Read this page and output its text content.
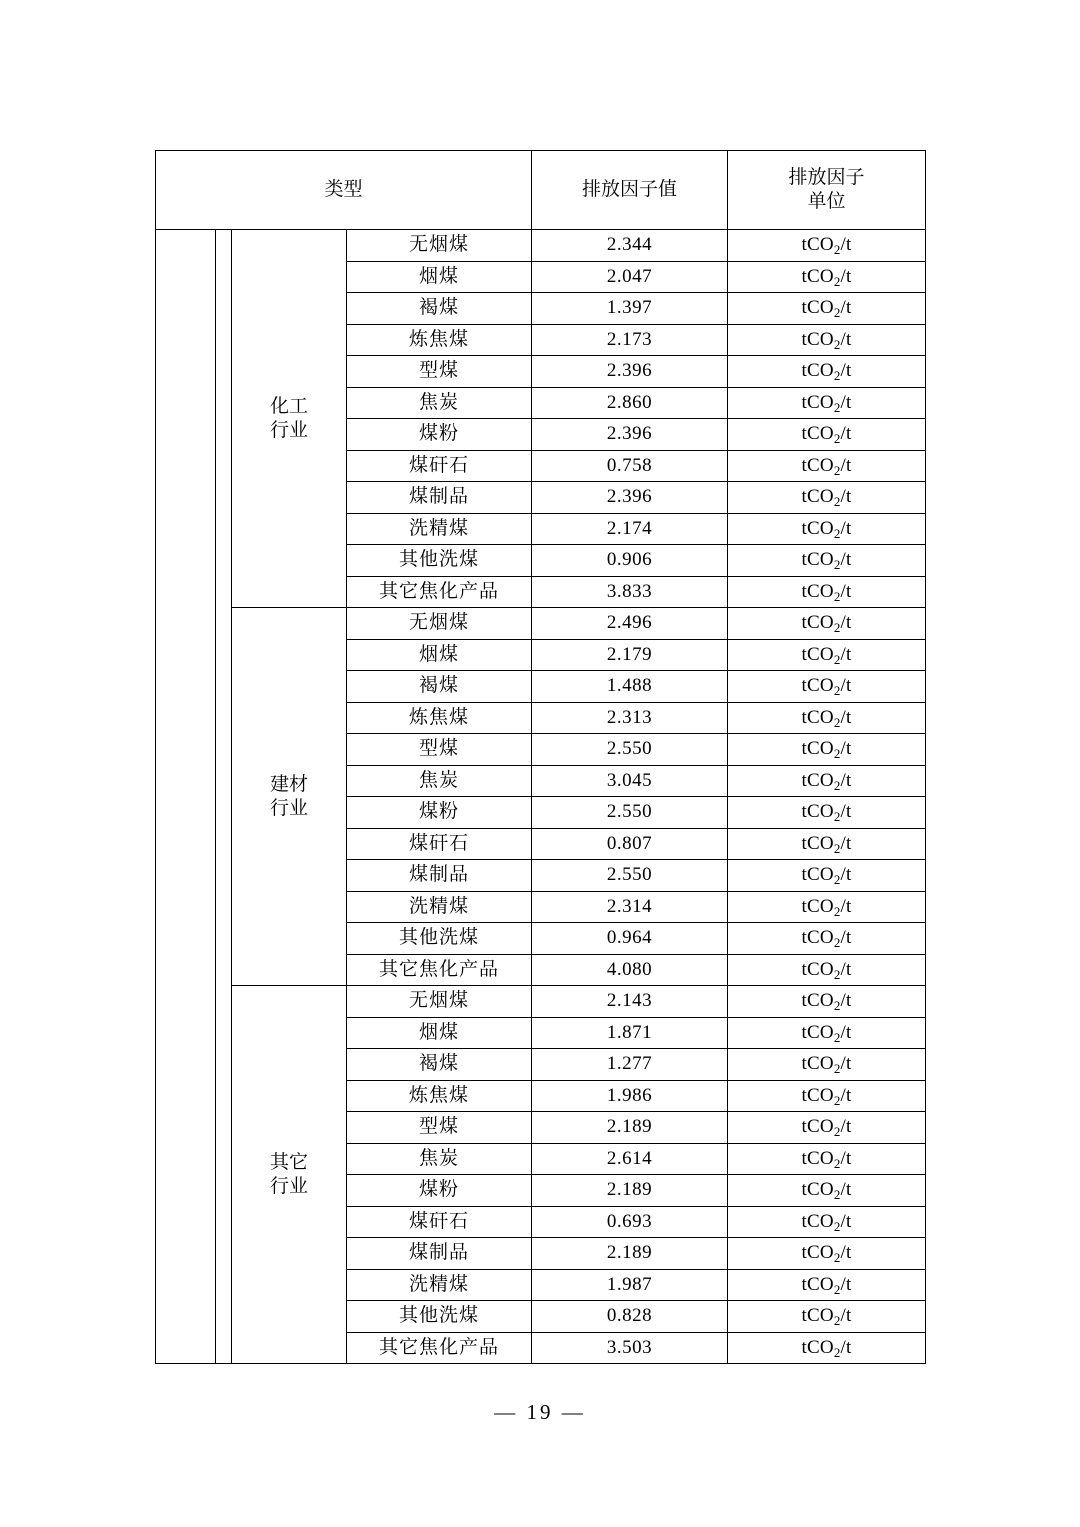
类型				排放因子值	排放因子
单位

		化工
行业	无烟煤	2.344	tCO$_2$/t
			烟煤	2.047	tCO$_2$/t
			褐煤	1.397	tCO$_2$/t
			炼焦煤	2.173	tCO$_2$/t
			型煤	2.396	tCO$_2$/t
			焦炭	2.860	tCO$_2$/t
			煤粉	2.396	tCO$_2$/t
			煤矸石	0.758	tCO$_2$/t
			煤制品	2.396	tCO$_2$/t
			洗精煤	2.174	tCO$_2$/t
			其他洗煤	0.906	tCO$_2$/t
			其它焦化产品	3.833	tCO$_2$/t

		建材
行业	无烟煤	2.496	tCO$_2$/t
			烟煤	2.179	tCO$_2$/t
			褐煤	1.488	tCO$_2$/t
			炼焦煤	2.313	tCO$_2$/t
			型煤	2.550	tCO$_2$/t
			焦炭	3.045	tCO$_2$/t
			煤粉	2.550	tCO$_2$/t
			煤矸石	0.807	tCO$_2$/t
			煤制品	2.550	tCO$_2$/t
			洗精煤	2.314	tCO$_2$/t
			其他洗煤	0.964	tCO$_2$/t
			其它焦化产品	4.080	tCO$_2$/t

		其它
行业	无烟煤	2.143	tCO$_2$/t
			烟煤	1.871	tCO$_2$/t
			褐煤	1.277	tCO$_2$/t
			炼焦煤	1.986	tCO$_2$/t
			型煤	2.189	tCO$_2$/t
			焦炭	2.614	tCO$_2$/t
			煤粉	2.189	tCO$_2$/t
			煤矸石	0.693	tCO$_2$/t
			煤制品	2.189	tCO$_2$/t
			洗精煤	1.987	tCO$_2$/t
			其他洗煤	0.828	tCO$_2$/t
			其它焦化产品	3.503	tCO$_2$/t
— 19 —
